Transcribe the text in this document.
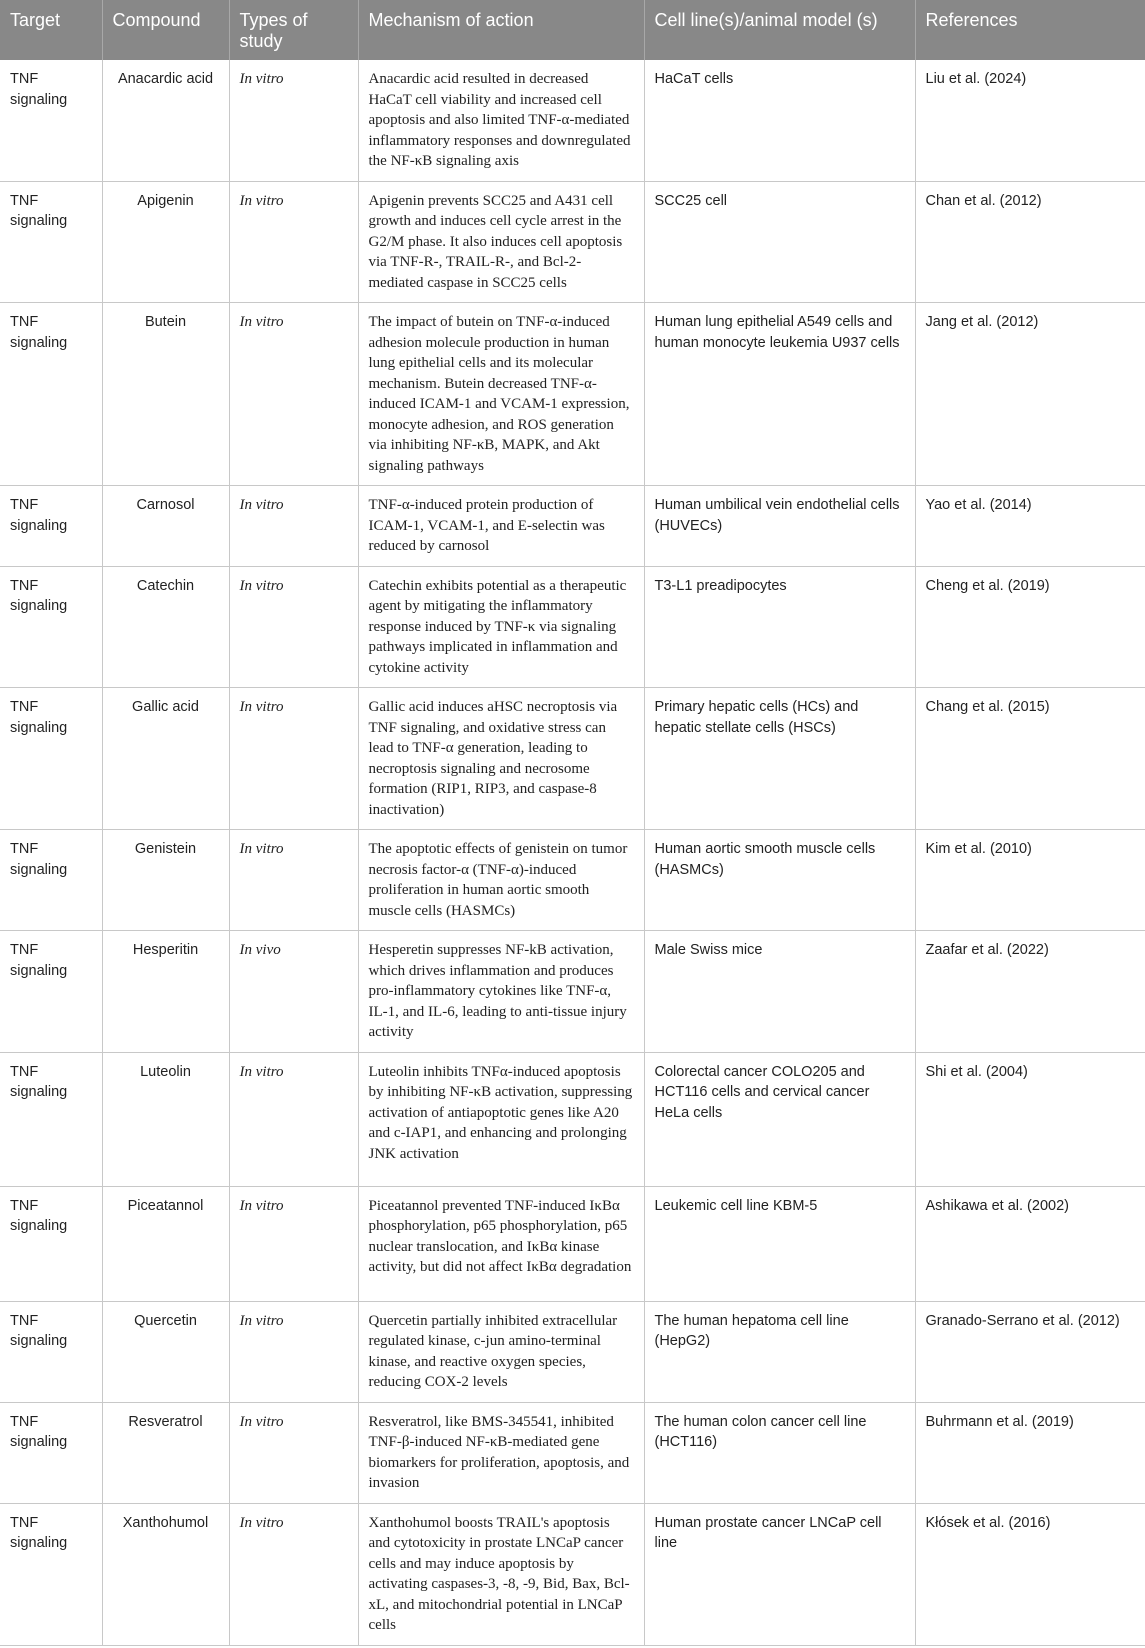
Target	Compound	Types of study	Mechanism of action	Cell line(s)/animal model (s)	References
TNF signaling	Anacardic acid	In vitro	Anacardic acid resulted in decreased HaCaT cell viability and increased cell apoptosis and also limited TNF-α-mediated inflammatory responses and downregulated the NF-κB signaling axis	HaCaT cells	Liu et al. (2024)
TNF signaling	Apigenin	In vitro	Apigenin prevents SCC25 and A431 cell growth and induces cell cycle arrest in the G2/M phase. It also induces cell apoptosis via TNF-R-, TRAIL-R-, and Bcl-2-mediated caspase in SCC25 cells	SCC25 cell	Chan et al. (2012)
TNF signaling	Butein	In vitro	The impact of butein on TNF-α-induced adhesion molecule production in human lung epithelial cells and its molecular mechanism. Butein decreased TNF-α-induced ICAM-1 and VCAM-1 expression, monocyte adhesion, and ROS generation via inhibiting NF-κB, MAPK, and Akt signaling pathways	Human lung epithelial A549 cells and human monocyte leukemia U937 cells	Jang et al. (2012)
TNF signaling	Carnosol	In vitro	TNF-α-induced protein production of ICAM-1, VCAM-1, and E-selectin was reduced by carnosol	Human umbilical vein endothelial cells (HUVECs)	Yao et al. (2014)
TNF signaling	Catechin	In vitro	Catechin exhibits potential as a therapeutic agent by mitigating the inflammatory response induced by TNF-κ via signaling pathways implicated in inflammation and cytokine activity	T3-L1 preadipocytes	Cheng et al. (2019)
TNF signaling	Gallic acid	In vitro	Gallic acid induces aHSC necroptosis via TNF signaling, and oxidative stress can lead to TNF-α generation, leading to necroptosis signaling and necrosome formation (RIP1, RIP3, and caspase-8 inactivation)	Primary hepatic cells (HCs) and hepatic stellate cells (HSCs)	Chang et al. (2015)
TNF signaling	Genistein	In vitro	The apoptotic effects of genistein on tumor necrosis factor-α (TNF-α)-induced proliferation in human aortic smooth muscle cells (HASMCs)	Human aortic smooth muscle cells (HASMCs)	Kim et al. (2010)
TNF signaling	Hesperitin	In vivo	Hesperetin suppresses NF-kB activation, which drives inflammation and produces pro-inflammatory cytokines like TNF-α, IL-1, and IL-6, leading to anti-tissue injury activity	Male Swiss mice	Zaafar et al. (2022)
TNF signaling	Luteolin	In vitro	Luteolin inhibits TNFα-induced apoptosis by inhibiting NF-κB activation, suppressing activation of antiapoptotic genes like A20 and c-IAP1, and enhancing and prolonging JNK activation	Colorectal cancer COLO205 and HCT116 cells and cervical cancer HeLa cells	Shi et al. (2004)
TNF signaling	Piceatannol	In vitro	Piceatannol prevented TNF-induced IκBα phosphorylation, p65 phosphorylation, p65 nuclear translocation, and IκBα kinase activity, but did not affect IκBα degradation	Leukemic cell line KBM-5	Ashikawa et al. (2002)
TNF signaling	Quercetin	In vitro	Quercetin partially inhibited extracellular regulated kinase, c-jun amino-terminal kinase, and reactive oxygen species, reducing COX-2 levels	The human hepatoma cell line (HepG2)	Granado-Serrano et al. (2012)
TNF signaling	Resveratrol	In vitro	Resveratrol, like BMS-345541, inhibited TNF-β-induced NF-κB-mediated gene biomarkers for proliferation, apoptosis, and invasion	The human colon cancer cell line (HCT116)	Buhrmann et al. (2019)
TNF signaling	Xanthohumol	In vitro	Xanthohumol boosts TRAIL's apoptosis and cytotoxicity in prostate LNCaP cancer cells and may induce apoptosis by activating caspases-3, -8, -9, Bid, Bax, Bcl-xL, and mitochondrial potential in LNCaP cells	Human prostate cancer LNCaP cell line	Kłósek et al. (2016)
